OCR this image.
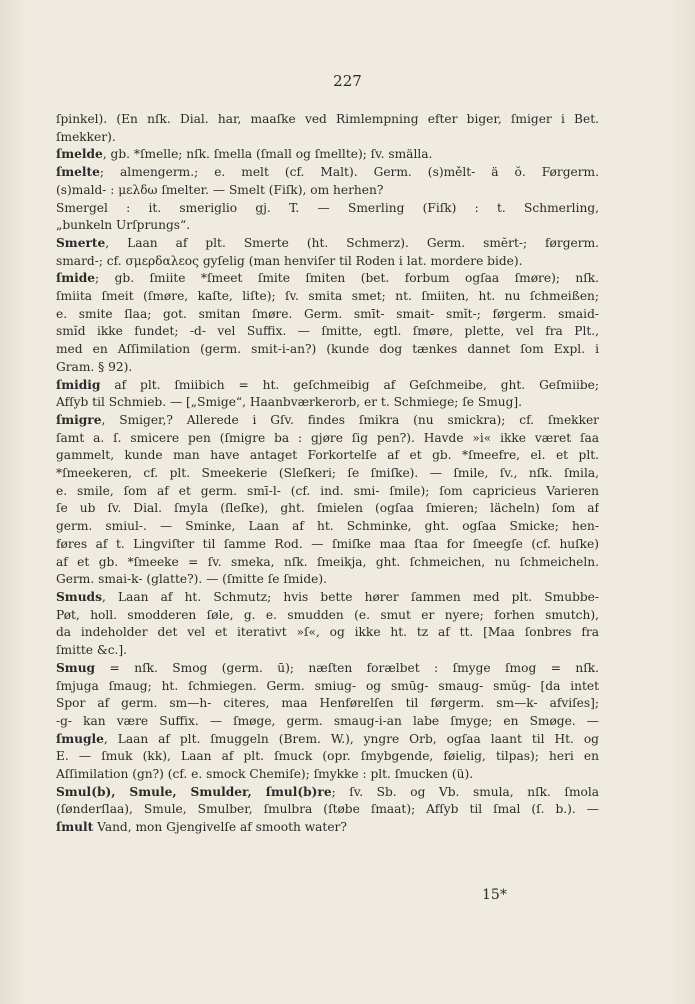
227
ſpinkel). (En nſk. Dial. har, maaſke ved Rimlempning efter biger, ſmiger i Bet.
ſmekker).
ſmelde, gb. *ſmelle; nſk. ſmella (ſmall og ſmellte); ſv. smälla.
ſmelte; almengerm.; e. melt (cf. Malt). Germ. (s)mělt- ä ŏ. Førgerm.
(s)mald- : μελδω ſmelter. — Smelt (Fiſk), om herhen?
Smergel : it. smeriglio gj. T. — Smerling (Fiſk) : t. Schmerling,
„bunkeln Urſprungs“.
Smerte, Laan af plt. Smerte (ht. Schmerz). Germ. smĕrt-; førgerm.
smard-; cf. σμερδαλεος gyſelig (man henviſer til Roden i lat. mordere bide).
ſmide; gb. ſmiite *ſmeet ſmite ſmiten (bet. forbum ogſaa ſmøre); nſk.
ſmiita ſmeit (ſmøre, kaſte, liſte); ſv. smita smet; nt. ſmiiten, ht. nu ſchmeißen;
e. smite ſlaa; got. smitan ſmøre. Germ. smīt- smait- smĭt-; førgerm. smaid-
smĭd ikke fundet; -d- vel Suffix. — ſmitte, egtl. ſmøre, plette, vel fra Plt.,
med en Aſſimilation (germ. smit-i-an?) (kunde dog tænkes dannet ſom Expl. i
Gram. § 92).
ſmidig af plt. ſmiibich = ht. geſchmeibig af Geſchmeibe, ght. Geſmiibe;
Afſyb til Schmieb. — [„Smige“, Haanbværkerorb, er t. Schmiege; ſe Smug].
ſmigre, Smiger,? Allerede i Gſv. findes ſmikra (nu smickra); cf. ſmekker
ſamt a. ſ. smicere pen (ſmigre ba : gjøre ſig pen?). Havde »i« ikke været ſaa
gammelt, kunde man have antaget Forkortelſe af et gb. *ſmeefre, el. et plt.
*ſmeekeren, cf. plt. Smeekerie (Sleſkeri; ſe ſmiſke). — ſmile, ſv., nſk. ſmila,
e. smile, ſom af et germ. smī-l- (cf. ind. smi- ſmile); ſom capricieus Varieren
ſe ub ſv. Dial. ſmyla (ſleſke), ght. ſmielen (ogſaa ſmieren; lächeln) ſom af
germ. smiul-. — Sminke, Laan af ht. Schminke, ght. ogſaa Smicke; hen-
føres af t. Lingviſter til ſamme Rod. — ſmiſke maa ſtaa for ſmeegſe (cf. huſke)
af et gb. *ſmeeke = ſv. smeka, nſk. ſmeikja, ght. ſchmeichen, nu ſchmeicheln.
Germ. smai-k- (glatte?). — (ſmitte ſe ſmide).
Smuds, Laan af ht. Schmutz; hvis bette hører ſammen med plt. Smubbe-
Pøt, holl. smodderen ſøle, g. e. smudden (e. smut er nyere; forhen smutch),
da indeholder det vel et iterativt »ſ«, og ikke ht. tz af tt. [Maa ſonbres fra
ſmitte &c.].
Smug = nſk. Smog (germ. ū); næſten forælbet : ſmyge ſmog = nſk.
ſmjuga ſmaug; ht. ſchmiegen. Germ. smiug- og smūg- smaug- smŭg- [da intet
Spor af germ. sm—h- citeres, maa Henførelſen til førgerm. sm—k- afviſes];
-g- kan være Suffix. — ſmøge, germ. smaug-i-an labe ſmyge; en Smøge. —
ſmugle, Laan af plt. ſmuggeln (Brem. W.), yngre Orb, ogſaa laant til Ht. og
E. — ſmuk (kk), Laan af plt. ſmuck (opr. ſmybgende, føielig, tilpas); heri en
Aſſimilation (gn?) (cf. e. smock Chemiſe); ſmykke : plt. ſmucken (ü).
Smul(b), Smule, Smulder, ſmul(b)re; ſv. Sb. og Vb. smula, nſk. ſmola
(ſønderſlaa), Smule, Smulber, ſmulbra (ſtøbe ſmaat); Afſyb til ſmal (ſ. b.). —
ſmult Vand, mon Gjengivelſe af smooth water?
15*
